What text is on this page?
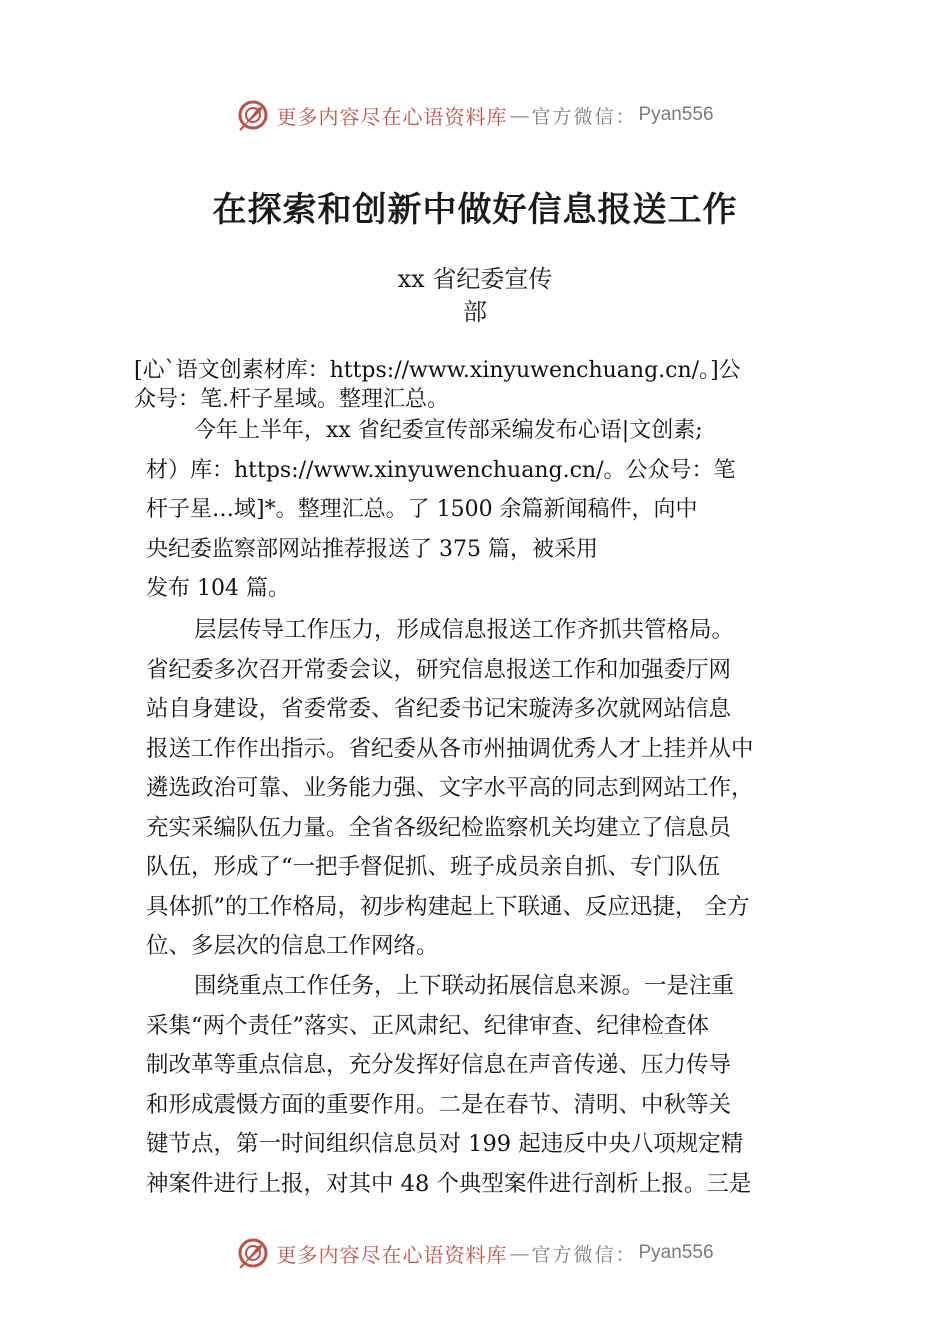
更多内容尽在心语资料库 — 官方微信： Pyan556
在探索和创新中做好信息报送工作
xx 省纪委宣传
部
[心`语文创素材库：https://www.xinyuwenchuang.cn/。]公
众号：笔.杆子星域。整理汇总。
今年上半年，xx 省纪委宣传部采编发布心语|文创素;
材）库：https://www.xinyuwenchuang.cn/。公众号：笔
杆子星…域]*。整理汇总。了 1500 余篇新闻稿件，向中
央纪委监察部网站推荐报送了 375 篇，被采用
发布 104 篇。
层层传导工作压力，形成信息报送工作齐抓共管格局。
省纪委多次召开常委会议，研究信息报送工作和加强委厅网
站自身建设，省委常委、省纪委书记宋璇涛多次就网站信息
报送工作作出指示。省纪委从各市州抽调优秀人才上挂并从中
遴选政治可靠、业务能力强、文字水平高的同志到网站工作，
充实采编队伍力量。全省各级纪检监察机关均建立了信息员
队伍，形成了“一把手督促抓、班子成员亲自抓、专门队伍
具体抓”的工作格局，初步构建起上下联通、反应迅捷， 全方
位、多层次的信息工作网络。
围绕重点工作任务，上下联动拓展信息来源。一是注重
采集“两个责任”落实、正风肃纪、纪律审查、纪律检查体
制改革等重点信息，充分发挥好信息在声音传递、压力传导
和形成震慑方面的重要作用。二是在春节、清明、中秋等关
键节点，第一时间组织信息员对 199 起违反中央八项规定精
神案件进行上报，对其中 48 个典型案件进行剖析上报。三是
更多内容尽在心语资料库 — 官方微信： Pyan556
